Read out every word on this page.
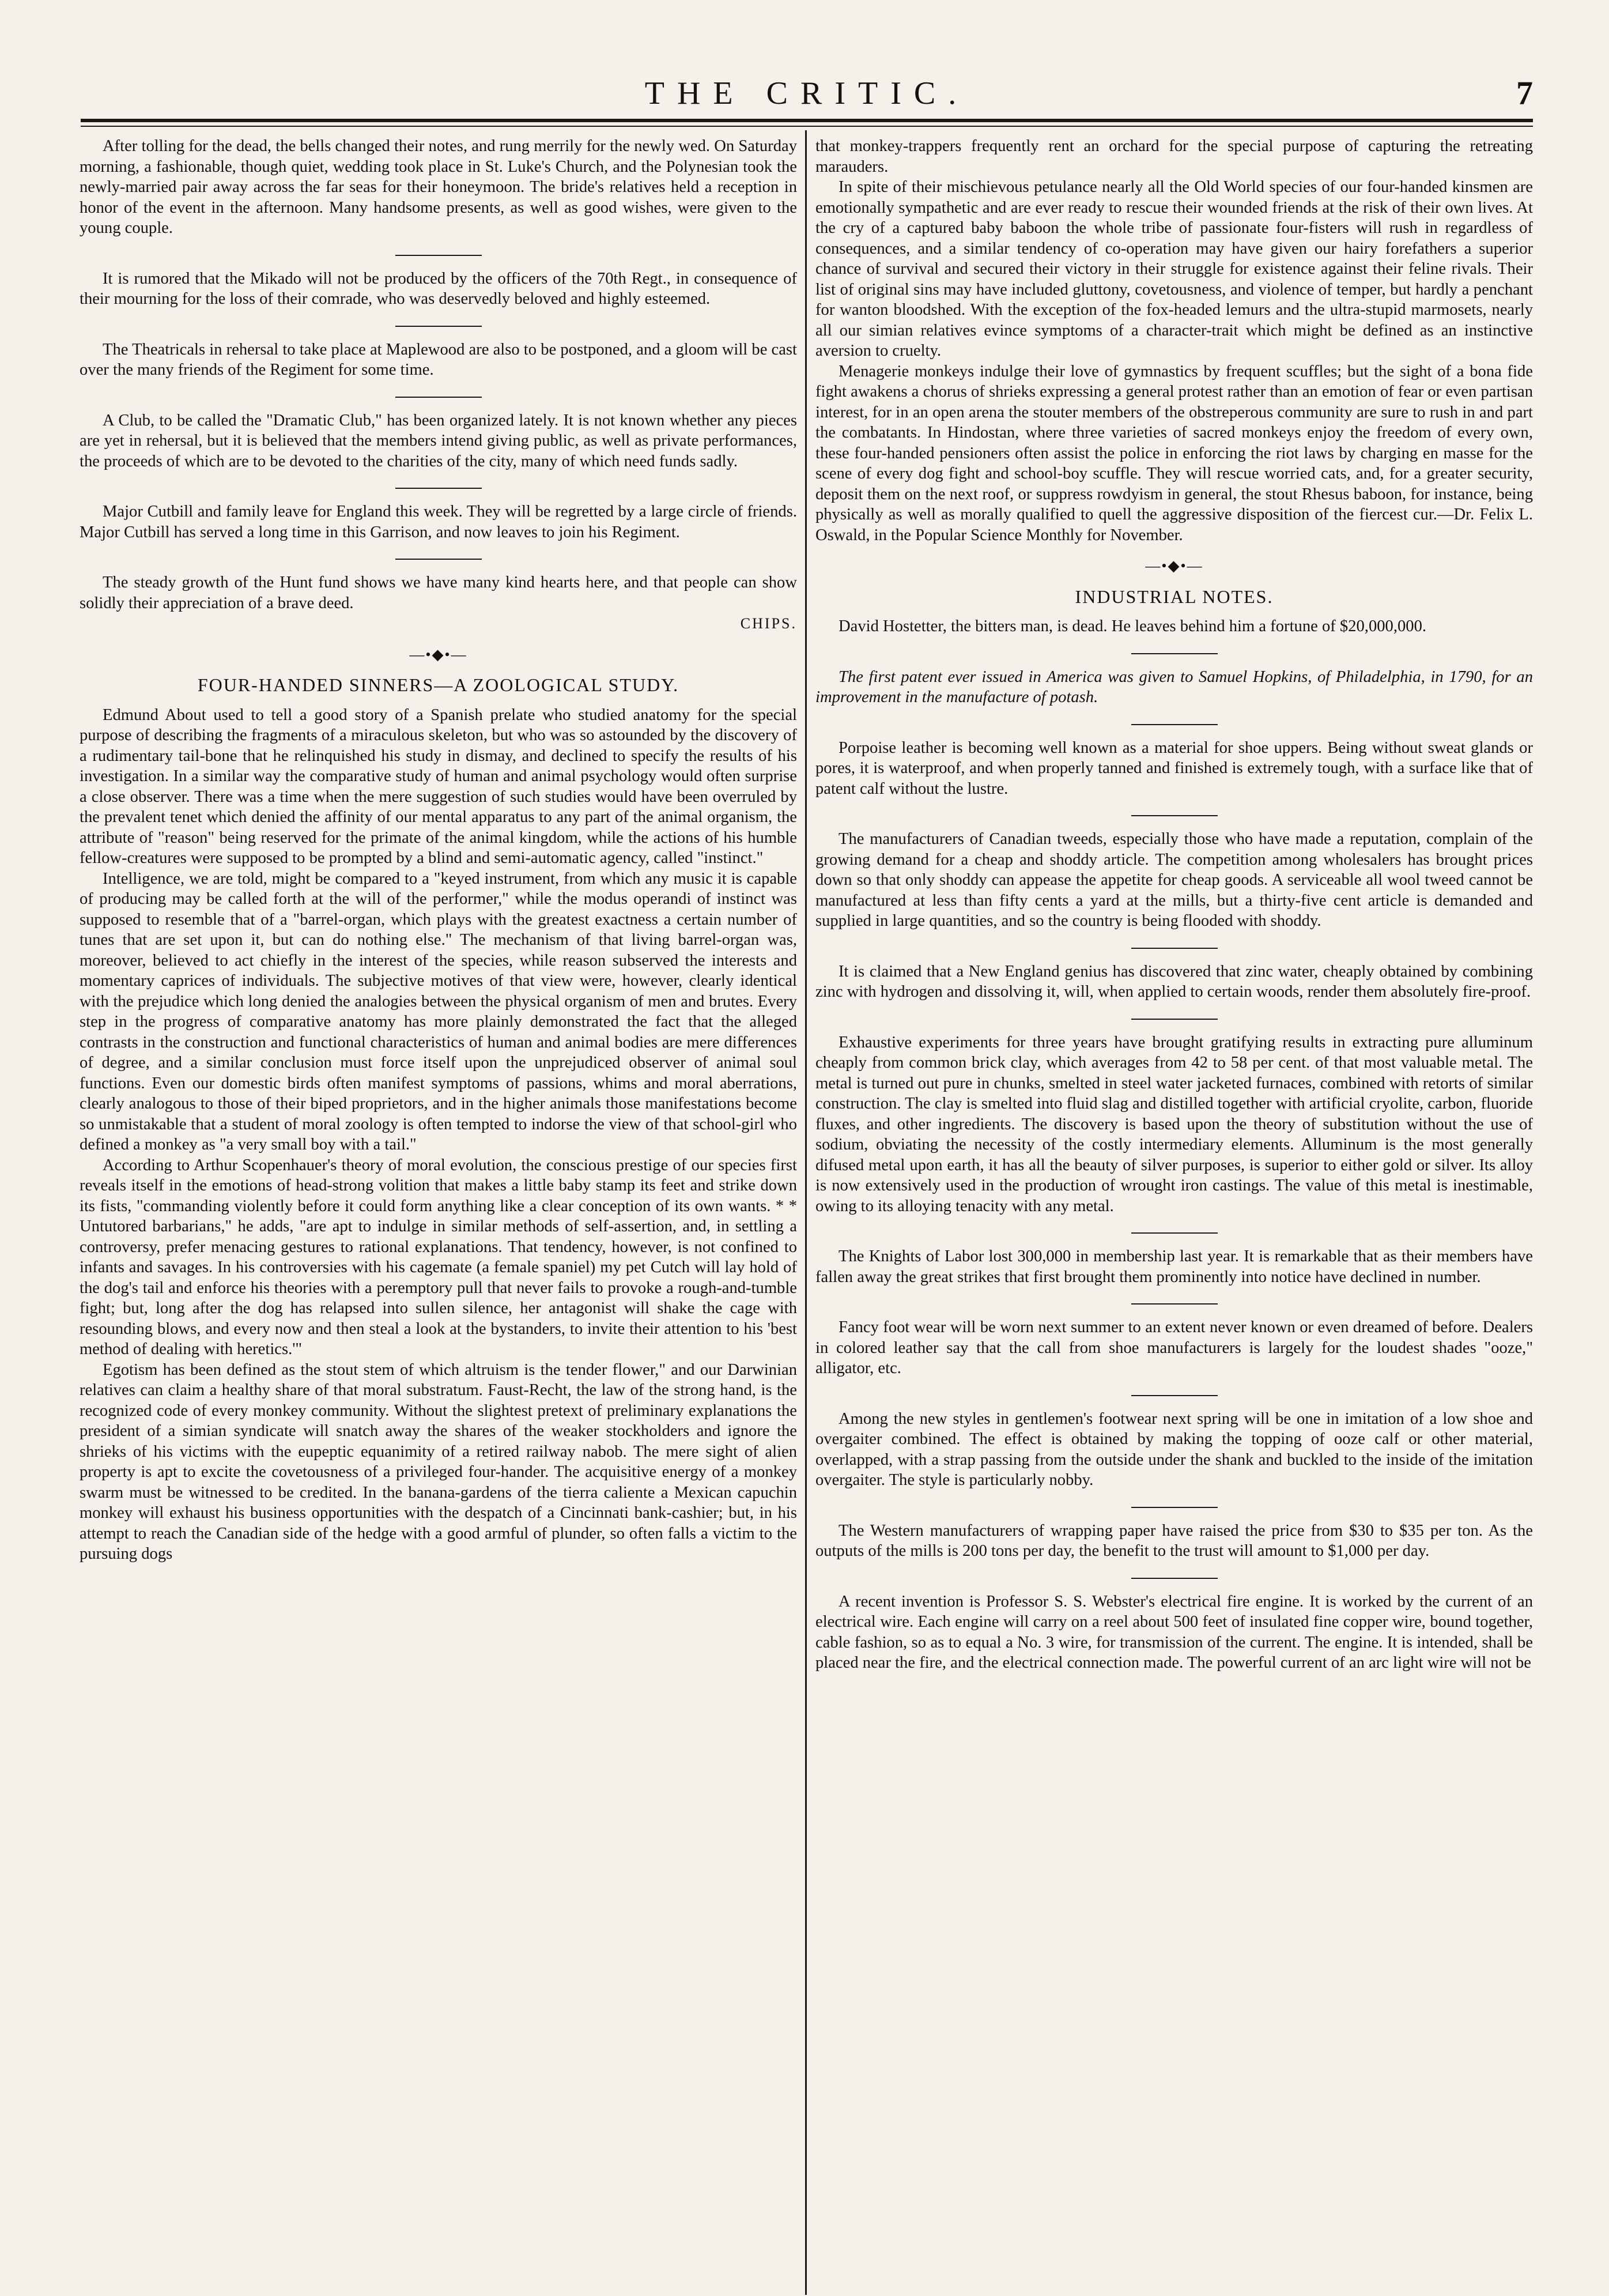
THE CRITIC.	7

After tolling for the dead, the bells changed their notes, and rung merrily for the newly wed. On Saturday morning, a fashionable, though quiet, wedding took place in St. Luke's Church, and the Polynesian took the newly-married pair away across the far seas for their honeymoon. The bride's relatives held a reception in honor of the event in the afternoon. Many handsome presents, as well as good wishes, were given to the young couple.

It is rumored that the Mikado will not be produced by the officers of the 70th Regt., in consequence of their mourning for the loss of their comrade, who was deservedly beloved and highly esteemed.

The Theatricals in rehersal to take place at Maplewood are also to be postponed, and a gloom will be cast over the many friends of the Regiment for some time.

A Club, to be called the "Dramatic Club," has been organized lately. It is not known whether any pieces are yet in rehersal, but it is believed that the members intend giving public, as well as private performances, the proceeds of which are to be devoted to the charities of the city, many of which need funds sadly.

Major Cutbill and family leave for England this week. They will be regretted by a large circle of friends. Major Cutbill has served a long time in this Garrison, and now leaves to join his Regiment.

The steady growth of the Hunt fund shows we have many kind hearts here, and that people can show solidly their appreciation of a brave deed.

CHIPS.
—•◆•—
FOUR-HANDED SINNERS—A ZOOLOGICAL STUDY.

Edmund About used to tell a good story of a Spanish prelate who studied anatomy for the special purpose of describing the fragments of a miraculous skeleton, but who was so astounded by the discovery of a rudimentary tail-bone that he relinquished his study in dismay, and declined to specify the results of his investigation. In a similar way the comparative study of human and animal psychology would often surprise a close observer. There was a time when the mere suggestion of such studies would have been overruled by the prevalent tenet which denied the affinity of our mental apparatus to any part of the animal organism, the attribute of "reason" being reserved for the primate of the animal kingdom, while the actions of his humble fellow-creatures were supposed to be prompted by a blind and semi-automatic agency, called "instinct."

Intelligence, we are told, might be compared to a "keyed instrument, from which any music it is capable of producing may be called forth at the will of the performer," while the modus operandi of instinct was supposed to resemble that of a "barrel-organ, which plays with the greatest exactness a certain number of tunes that are set upon it, but can do nothing else." The mechanism of that living barrel-organ was, moreover, believed to act chiefly in the interest of the species, while reason subserved the interests and momentary caprices of individuals. The subjective motives of that view were, however, clearly identical with the prejudice which long denied the analogies between the physical organism of men and brutes. Every step in the progress of comparative anatomy has more plainly demonstrated the fact that the alleged contrasts in the construction and functional characteristics of human and animal bodies are mere differences of degree, and a similar conclusion must force itself upon the unprejudiced observer of animal soul functions. Even our domestic birds often manifest symptoms of passions, whims and moral aberrations, clearly analogous to those of their biped proprietors, and in the higher animals those manifestations become so unmistakable that a student of moral zoology is often tempted to indorse the view of that school-girl who defined a monkey as "a very small boy with a tail."

According to Arthur Scopenhauer's theory of moral evolution, the conscious prestige of our species first reveals itself in the emotions of head-strong volition that makes a little baby stamp its feet and strike down its fists, "commanding violently before it could form anything like a clear conception of its own wants. * * Untutored barbarians," he adds, "are apt to indulge in similar methods of self-assertion, and, in settling a controversy, prefer menacing gestures to rational explanations. That tendency, however, is not confined to infants and savages. In his controversies with his cagemate (a female spaniel) my pet Cutch will lay hold of the dog's tail and enforce his theories with a peremptory pull that never fails to provoke a rough-and-tumble fight; but, long after the dog has relapsed into sullen silence, her antagonist will shake the cage with resounding blows, and every now and then steal a look at the bystanders, to invite their attention to his 'best method of dealing with heretics.'"

Egotism has been defined as the stout stem of which altruism is the tender flower," and our Darwinian relatives can claim a healthy share of that moral substratum. Faust-Recht, the law of the strong hand, is the recognized code of every monkey community. Without the slightest pretext of preliminary explanations the president of a simian syndicate will snatch away the shares of the weaker stockholders and ignore the shrieks of his victims with the eupeptic equanimity of a retired railway nabob. The mere sight of alien property is apt to excite the covetousness of a privileged four-hander. The acquisitive energy of a monkey swarm must be witnessed to be credited. In the banana-gardens of the tierra caliente a Mexican capuchin monkey will exhaust his business opportunities with the despatch of a Cincinnati bank-cashier; but, in his attempt to reach the Canadian side of the hedge with a good armful of plunder, so often falls a victim to the pursuing dogs

that monkey-trappers frequently rent an orchard for the special purpose of capturing the retreating marauders.

In spite of their mischievous petulance nearly all the Old World species of our four-handed kinsmen are emotionally sympathetic and are ever ready to rescue their wounded friends at the risk of their own lives. At the cry of a captured baby baboon the whole tribe of passionate four-fisters will rush in regardless of consequences, and a similar tendency of co-operation may have given our hairy forefathers a superior chance of survival and secured their victory in their struggle for existence against their feline rivals. Their list of original sins may have included gluttony, covetousness, and violence of temper, but hardly a penchant for wanton bloodshed. With the exception of the fox-headed lemurs and the ultra-stupid marmosets, nearly all our simian relatives evince symptoms of a character-trait which might be defined as an instinctive aversion to cruelty.

Menagerie monkeys indulge their love of gymnastics by frequent scuffles; but the sight of a bona fide fight awakens a chorus of shrieks expressing a general protest rather than an emotion of fear or even partisan interest, for in an open arena the stouter members of the obstreperous community are sure to rush in and part the combatants. In Hindostan, where three varieties of sacred monkeys enjoy the freedom of every own, these four-handed pensioners often assist the police in enforcing the riot laws by charging en masse for the scene of every dog fight and school-boy scuffle. They will rescue worried cats, and, for a greater security, deposit them on the next roof, or suppress rowdyism in general, the stout Rhesus baboon, for instance, being physically as well as morally qualified to quell the aggressive disposition of the fiercest cur.—Dr. Felix L. Oswald, in the Popular Science Monthly for November.

—•◆•—
INDUSTRIAL NOTES.

David Hostetter, the bitters man, is dead. He leaves behind him a fortune of $20,000,000.

The first patent ever issued in America was given to Samuel Hopkins, of Philadelphia, in 1790, for an improvement in the manufacture of potash.

Porpoise leather is becoming well known as a material for shoe uppers. Being without sweat glands or pores, it is waterproof, and when properly tanned and finished is extremely tough, with a surface like that of patent calf without the lustre.

The manufacturers of Canadian tweeds, especially those who have made a reputation, complain of the growing demand for a cheap and shoddy article. The competition among wholesalers has brought prices down so that only shoddy can appease the appetite for cheap goods. A serviceable all wool tweed cannot be manufactured at less than fifty cents a yard at the mills, but a thirty-five cent article is demanded and supplied in large quantities, and so the country is being flooded with shoddy.

It is claimed that a New England genius has discovered that zinc water, cheaply obtained by combining zinc with hydrogen and dissolving it, will, when applied to certain woods, render them absolutely fire-proof.

Exhaustive experiments for three years have brought gratifying results in extracting pure alluminum cheaply from common brick clay, which averages from 42 to 58 per cent. of that most valuable metal. The metal is turned out pure in chunks, smelted in steel water jacketed furnaces, combined with retorts of similar construction. The clay is smelted into fluid slag and distilled together with artificial cryolite, carbon, fluoride fluxes, and other ingredients. The discovery is based upon the theory of substitution without the use of sodium, obviating the necessity of the costly intermediary elements. Alluminum is the most generally difused metal upon earth, it has all the beauty of silver purposes, is superior to either gold or silver. Its alloy is now extensively used in the production of wrought iron castings. The value of this metal is inestimable, owing to its alloying tenacity with any metal.

The Knights of Labor lost 300,000 in membership last year. It is remarkable that as their members have fallen away the great strikes that first brought them prominently into notice have declined in number.

Fancy foot wear will be worn next summer to an extent never known or even dreamed of before. Dealers in colored leather say that the call from shoe manufacturers is largely for the loudest shades "ooze," alligator, etc.

Among the new styles in gentlemen's footwear next spring will be one in imitation of a low shoe and overgaiter combined. The effect is obtained by making the topping of ooze calf or other material, overlapped, with a strap passing from the outside under the shank and buckled to the inside of the imitation overgaiter. The style is particularly nobby.

The Western manufacturers of wrapping paper have raised the price from $30 to $35 per ton. As the outputs of the mills is 200 tons per day, the benefit to the trust will amount to $1,000 per day.

A recent invention is Professor S. S. Webster's electrical fire engine. It is worked by the current of an electrical wire. Each engine will carry on a reel about 500 feet of insulated fine copper wire, bound together, cable fashion, so as to equal a No. 3 wire, for transmission of the current. The engine. It is intended, shall be placed near the fire, and the electrical connection made. The powerful current of an arc light wire will not be
